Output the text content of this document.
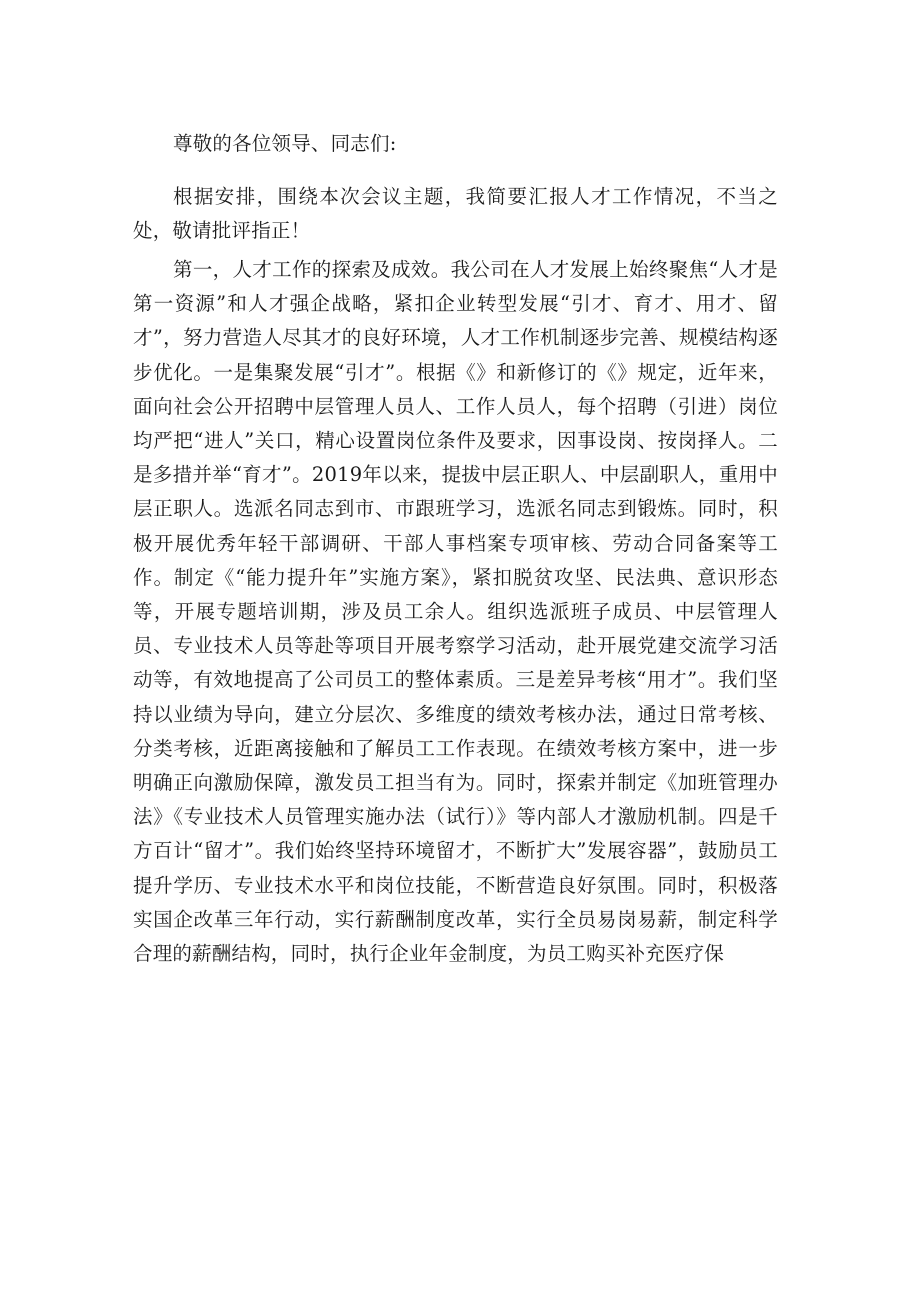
尊敬的各位领导、同志们:

根据安排，围绕本次会议主题，我简要汇报人才工作情况，不当之处，敬请批评指正！

第一，人才工作的探索及成效。我公司在人才发展上始终聚焦“人才是第一资源”和人才强企战略，紧扣企业转型发展“引才、育才、用才、留才”，努力营造人尽其才的良好环境，人才工作机制逐步完善、规模结构逐步优化。一是集聚发展“引才”。根据《》和新修订的《》规定，近年来，面向社会公开招聘中层管理人员人、工作人员人，每个招聘（引进）岗位均严把“进人”关口，精心设置岗位条件及要求，因事设岗、按岗择人。二是多措并举“育才”。2019年以来，提拔中层正职人、中层副职人，重用中层正职人。选派名同志到市、市跟班学习，选派名同志到锻炼。同时，积极开展优秀年轻干部调研、干部人事档案专项审核、劳动合同备案等工作。制定《“能力提升年”实施方案》，紧扣脱贫攻坚、民法典、意识形态等，开展专题培训期，涉及员工余人。组织选派班子成员、中层管理人员、专业技术人员等赴等项目开展考察学习活动，赴开展党建交流学习活动等，有效地提高了公司员工的整体素质。三是差异考核“用才”。我们坚持以业绩为导向，建立分层次、多维度的绩效考核办法，通过日常考核、分类考核，近距离接触和了解员工工作表现。在绩效考核方案中，进一步明确正向激励保障，激发员工担当有为。同时，探索并制定《加班管理办法》《专业技术人员管理实施办法（试行）》等内部人才激励机制。四是千方百计“留才”。我们始终坚持环境留才，不断扩大”发展容器”，鼓励员工提升学历、专业技术水平和岗位技能，不断营造良好氛围。同时，积极落实国企改革三年行动，实行薪酬制度改革，实行全员易岗易薪，制定科学合理的薪酬结构，同时，执行企业年金制度，为员工购买补充医疗保
